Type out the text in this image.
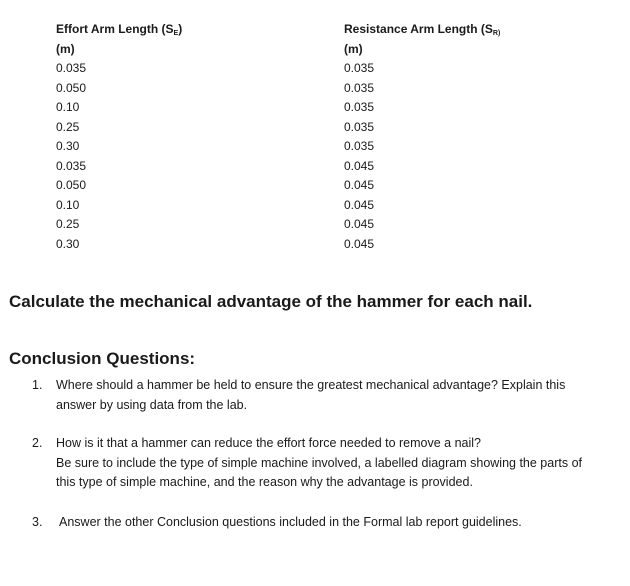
Effort Arm Length $(S_E)$
(m)
0.035
0.050
0.10
0.25
0.30
0.035
0.050
0.10
0.25
0.30
Resistance Arm Length ($S_{R)}$
(m)
0.035
0.035
0.035
0.035
0.035
0.045
0.045
0.045
0.045
0.045
Calculate the mechanical advantage of the hammer for each nail.
Conclusion Questions:
1. Where should a hammer be held to ensure the greatest mechanical advantage? Explain this
answer by using data from the lab.
2. How is it that a hammer can reduce the effort force needed to remove a nail?
Be sure to include the type of simple machine involved, a labelled diagram showing the parts of
this type of simple machine, and the reason why the advantage is provided.
3. Answer the other Conclusion questions included in the Formal lab report guidelines.
